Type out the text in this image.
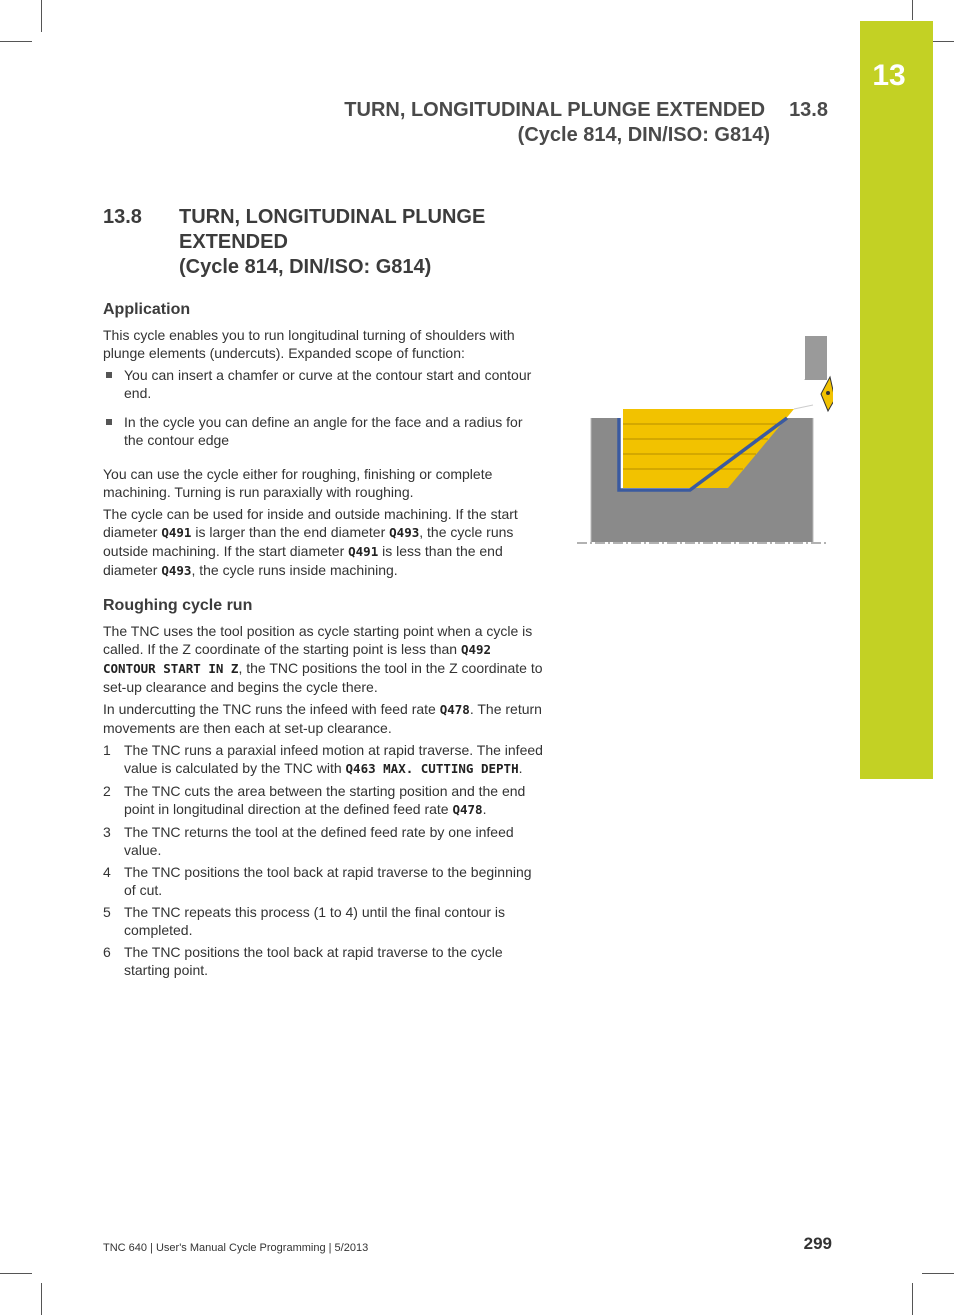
13
TURN, LONGITUDINAL PLUNGE EXTENDED 13.8
(Cycle 814, DIN/ISO: G814)
13.8 TURN, LONGITUDINAL PLUNGE
EXTENDED
(Cycle 814, DIN/ISO: G814)
Application

This cycle enables you to run longitudinal turning of shoulders with plunge elements (undercuts). Expanded scope of function:

You can insert a chamfer or curve at the contour start and contour end.
In the cycle you can define an angle for the face and a radius for the contour edge

You can use the cycle either for roughing, finishing or complete machining. Turning is run paraxially with roughing.

The cycle can be used for inside and outside machining. If the start diameter Q491 is larger than the end diameter Q493, the cycle runs outside machining. If the start diameter Q491 is less than the end diameter Q493, the cycle runs inside machining.

Roughing cycle run

The TNC uses the tool position as cycle starting point when a cycle is called. If the Z coordinate of the starting point is less than Q492 CONTOUR START IN Z, the TNC positions the tool in the Z coordinate to set-up clearance and begins the cycle there.

In undercutting the TNC runs the infeed with feed rate Q478. The return movements are then each at set-up clearance.

1 The TNC runs a paraxial infeed motion at rapid traverse. The infeed value is calculated by the TNC with Q463 MAX. CUTTING DEPTH.
2 The TNC cuts the area between the starting position and the end point in longitudinal direction at the defined feed rate Q478.
3 The TNC returns the tool at the defined feed rate by one infeed value.
4 The TNC positions the tool back at rapid traverse to the beginning of cut.
5 The TNC repeats this process (1 to 4) until the final contour is completed.
6 The TNC positions the tool back at rapid traverse to the cycle starting point.
TNC 640 | User's Manual Cycle Programming | 5/2013	299
